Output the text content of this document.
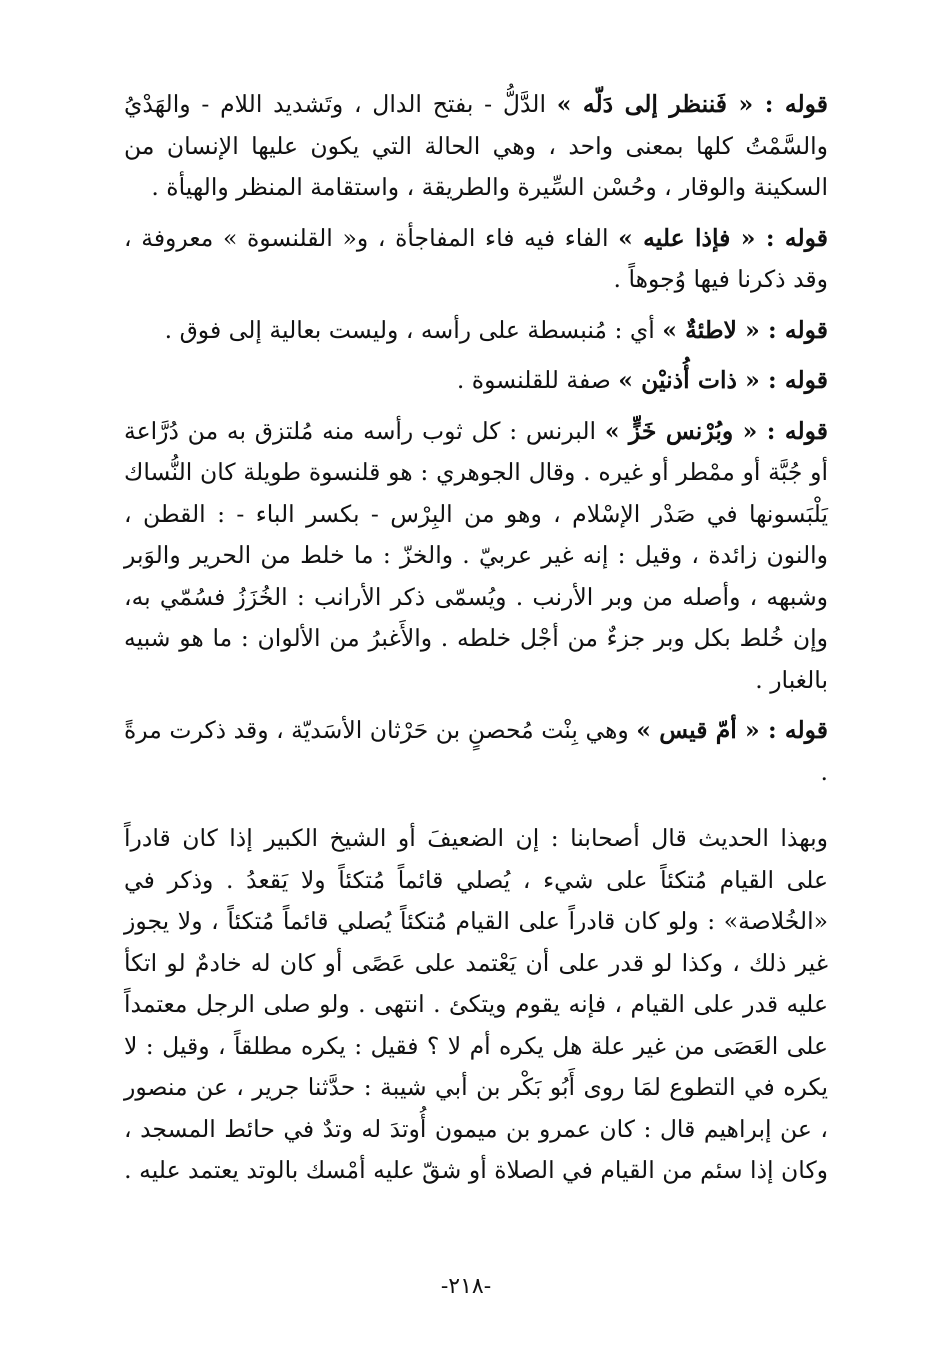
قوله : « فَننظر إلى دَلّه » الدَّلُّ - بفتح الدال ، وتَشديد اللام - والهَدْيُ والسَّمْتُ كلها بمعنى واحد ، وهي الحالة التي يكون عليها الإنسان من السكينة والوقار ، وحُسْن السِّيرة والطريقة ، واستقامة المنظر والهيأة .

قوله : « فإذا عليه » الفاء فيه فاء المفاجأة ، و« القلنسوة » معروفة ، وقد ذكرنا فيها وُجوهاً .

قوله : « لاطئةٌ » أي : مُنبسطة على رأسه ، وليست بعالية إلى فوق .

قوله : « ذات أُذنيْن » صفة للقلنسوة .

قوله : « وبُرْنس خَزٍّ » البرنس : كل ثوب رأسه منه مُلتزق به من دُرَّاعة أو جُبَّة أو ممْطر أو غيره . وقال الجوهري : هو قلنسوة طويلة كان النُّساك يَلْبَسونها في صَدْر الإسْلام ، وهو من البِرْس - بكسر الباء - : القطن ، والنون زائدة ، وقيل : إنه غير عربيّ . والخزّ : ما خلط من الحرير والوَبر وشبهه ، وأصله من وبر الأرنب . ويُسمّى ذكر الأرانب : الخُزَزُ فسُمّي به، وإن خُلط بكل وبر جزءٌ من أجْل خلطه . والأَغبرُ من الألوان : ما هو شبيه بالغبار .

قوله : « أمّ قيس » وهي بِنْت مُحصنٍ بن حَرْثان الأسَديّة ، وقد ذكرت مرةً .

وبهذا الحديث قال أصحابنا : إن الضعيفَ أو الشيخ الكبير إذا كان قادراً على القيام مُتكئاً على شيء ، يُصلي قائماً مُتكئاً ولا يَقعدُ . وذكر في «الخُلاصة» : ولو كان قادراً على القيام مُتكئاً يُصلي قائماً مُتكئاً ، ولا يجوز غير ذلك ، وكذا لو قدر على أن يَعْتمد على عَصًى أو كان له خادمٌ لو اتكأ عليه قدر على القيام ، فإنه يقوم ويتكئ . انتهى . ولو صلى الرجل معتمداً على العَصَى من غير علة هل يكره أم لا ؟ فقيل : يكره مطلقاً ، وقيل : لا يكره في التطوع لمَا روى أَبُو بَكْر بن أبي شيبة : حدَّثنا جرير ، عن منصور ، عن إبراهيم قال : كان عمرو بن ميمون أُوتدَ له وتدٌ في حائط المسجد ، وكان إذا سئم من القيام في الصلاة أو شقّ عليه أمْسك بالوتد يعتمد عليه .

-٢١٨-
